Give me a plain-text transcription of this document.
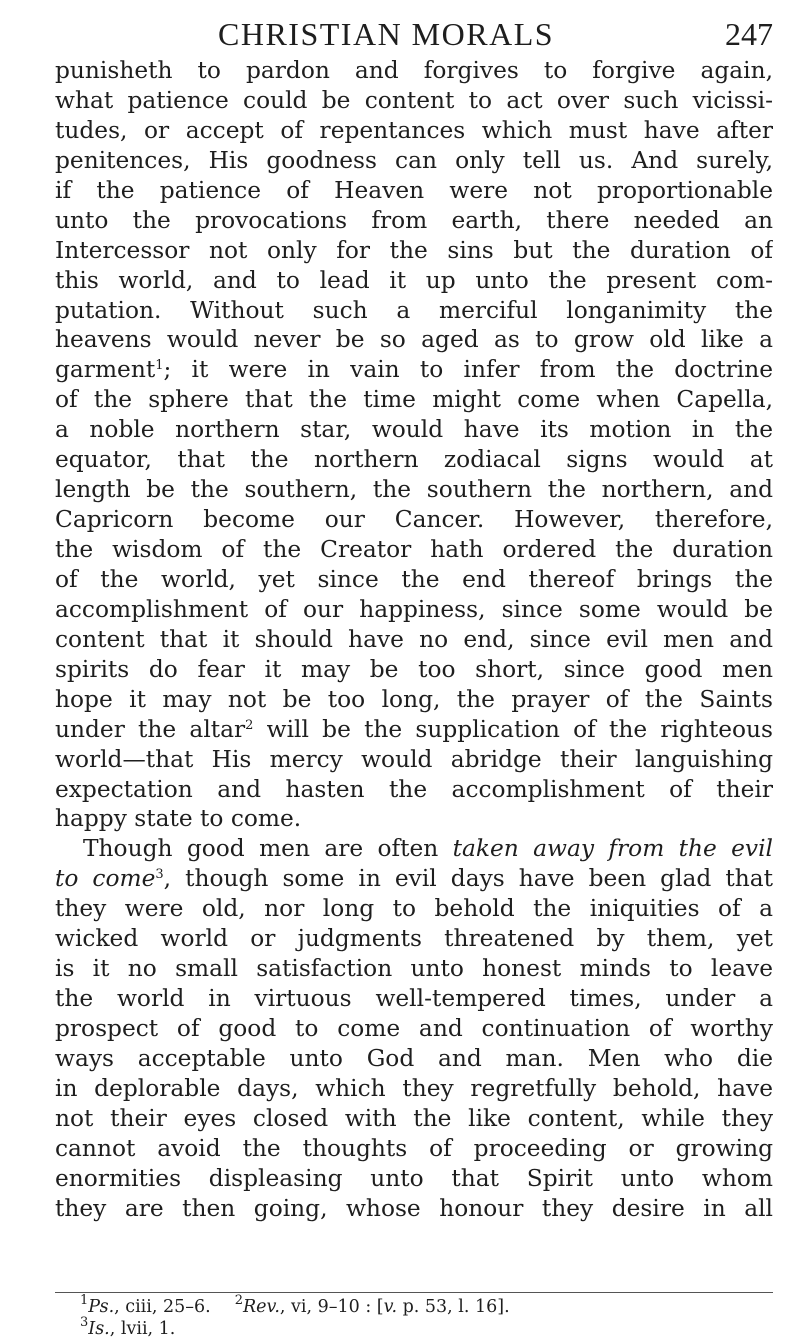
CHRISTIAN MORALS	247
punisheth to pardon and forgives to forgive again,
what patience could be content to act over such vicissi-
tudes, or accept of repentances which must have after
penitences, His goodness can only tell us. And surely,
if the patience of Heaven were not proportionable
unto the provocations from earth, there needed an
Intercessor not only for the sins but the duration of
this world, and to lead it up unto the present com-
putation. Without such a merciful longanimity the
heavens would never be so aged as to grow old like a
garment$^1$; it were in vain to infer from the doctrine
of the sphere that the time might come when Capella,
a noble northern star, would have its motion in the
equator, that the northern zodiacal signs would at
length be the southern, the southern the northern, and
Capricorn become our Cancer. However, therefore,
the wisdom of the Creator hath ordered the duration
of the world, yet since the end thereof brings the
accomplishment of our happiness, since some would be
content that it should have no end, since evil men and
spirits do fear it may be too short, since good men
hope it may not be too long, the prayer of the Saints
under the altar$^2$ will be the supplication of the righteous
world—that His mercy would abridge their languishing
expectation and hasten the accomplishment of their
happy state to come.
Though good men are often taken away from the evil
to come$^3$, though some in evil days have been glad that
they were old, nor long to behold the iniquities of a
wicked world or judgments threatened by them, yet
is it no small satisfaction unto honest minds to leave
the world in virtuous well-tempered times, under a
prospect of good to come and continuation of worthy
ways acceptable unto God and man. Men who die
in deplorable days, which they regretfully behold, have
not their eyes closed with the like content, while they
cannot avoid the thoughts of proceeding or growing
enormities displeasing unto that Spirit unto whom
they are then going, whose honour they desire in all
$^1$Ps., ciii, 25–6. $^2$Rev., vi, 9–10 : [v. p. 53, l. 16].
$^3$Is., lvii, 1.
